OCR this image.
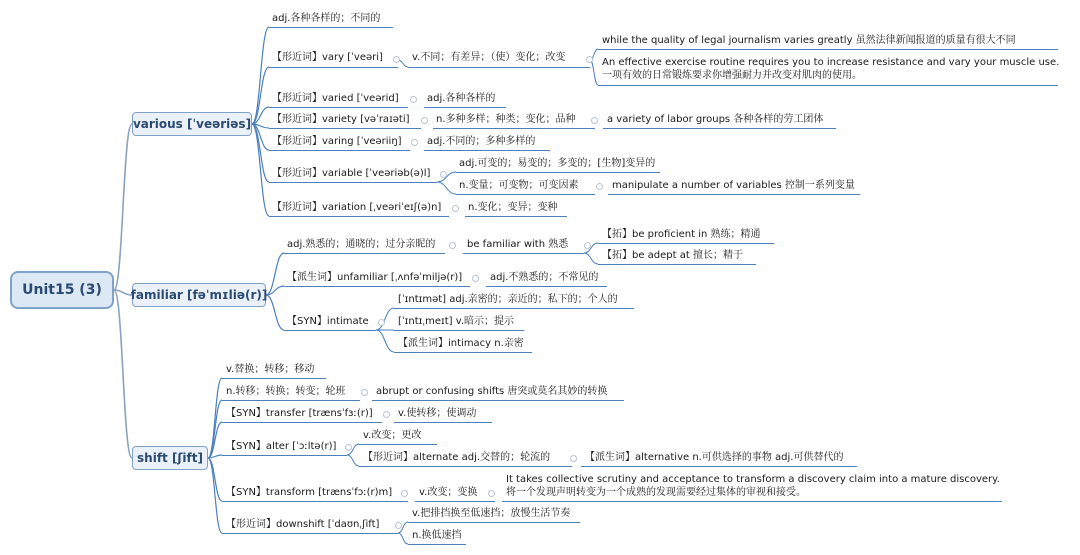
Unit15 (3)
various [ˈveəriəs]
familiar [fəˈmɪliə(r)]
shift [ʃift]
adj.各种各样的；不同的
【形近词】vary [ˈveəri]	v.不同；有差异；（使）变化；改变
while the quality of legal journalism varies greatly 虽然法律新闻报道的质量有很大不同
An effective exercise routine requires you to increase resistance and vary your muscle use.
一项有效的日常锻炼要求你增强耐力并改变对肌肉的使用。
【形近词】varied [ˈveərid]	adj.各种各样的
【形近词】variety [vəˈraɪəti]	n.多种多样；种类；变化；品种	a variety of labor groups 各种各样的劳工团体
【形近词】varing [ˈveəriiŋ]	adj.不同的；多种多样的
【形近词】variable [ˈveəriəb(ə)l]
adj.可变的；易变的；多变的；[生物]变异的
n.变量；可变物；可变因素	manipulate a number of variables 控制一系列变量
【形近词】variation [ˌveəriˈeɪʃ(ə)n]	n.变化；变异；变种
adj.熟悉的；通晓的；过分亲昵的	be familiar with 熟悉
【拓】be proficient in 熟练；精通
【拓】be adept at 擅长；精于
【派生词】unfamiliar [ˌʌnfəˈmiljə(r)]	adj.不熟悉的；不常见的
【SYN】intimate
[ˈɪntɪmət] adj.亲密的；亲近的；私下的；个人的
[ˈɪntɪˌmeɪt] v.暗示；提示
【派生词】intimacy n.亲密
v.替换；转移；移动
n.转移；转换；转变；轮班	abrupt or confusing shifts 唐突或莫名其妙的转换
【SYN】transfer [trænsˈfɜː(r)]	v.使转移；使调动
【SYN】alter [ˈɔːltə(r)]
v.改变；更改
【形近词】alternate adj.交替的；轮流的	【派生词】alternative n.可供选择的事物 adj.可供替代的
【SYN】transform [trænsˈfɔː(r)m]	v.改变；变换
It takes collective scrutiny and acceptance to transform a discovery claim into a mature discovery.
将一个发现声明转变为一个成熟的发现需要经过集体的审视和接受。
【形近词】downshift [ˈdaʊnˌʃift]
v.把排挡换至低速挡；放慢生活节奏
n.换低速挡
